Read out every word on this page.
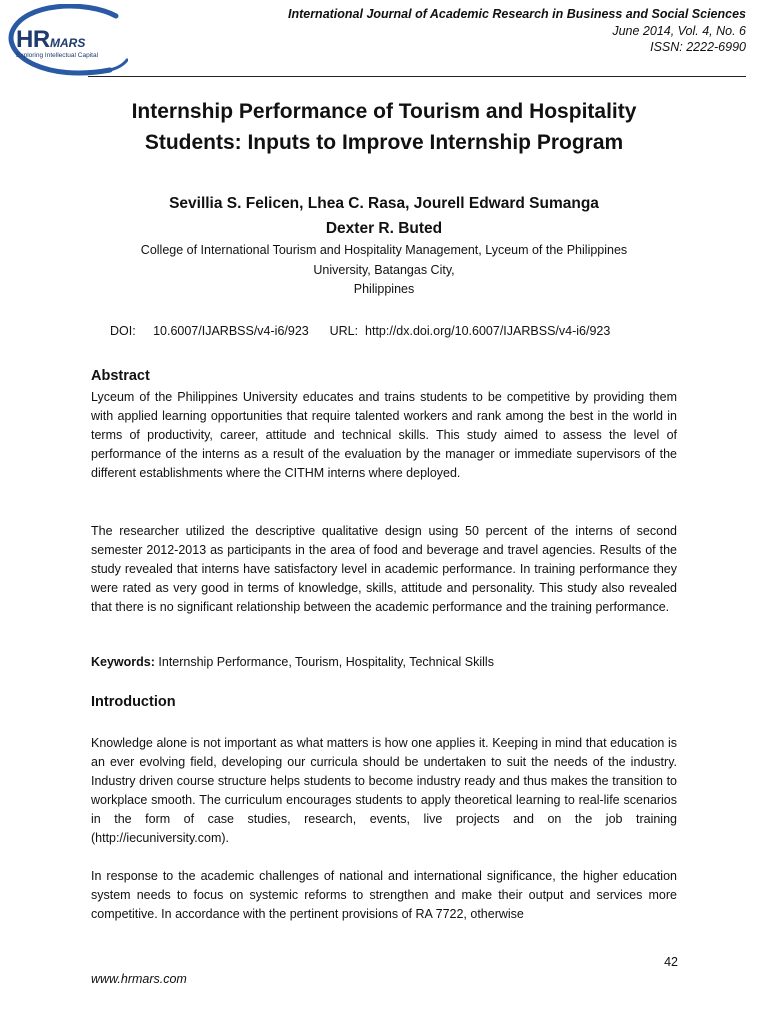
HR MARS
Exploring Intellectual Capital
International Journal of Academic Research in Business and Social Sciences
June 2014, Vol. 4, No. 6
ISSN: 2222-6990
Internship Performance of Tourism and Hospitality
Students: Inputs to Improve Internship Program
Sevillia S. Felicen, Lhea C. Rasa, Jourell Edward Sumanga
Dexter R. Buted
College of International Tourism and Hospitality Management, Lyceum of the Philippines
University, Batangas City,
Philippines
DOI: 10.6007/IJARBSS/v4-i6/923 URL: http://dx.doi.org/10.6007/IJARBSS/v4-i6/923
Abstract

Lyceum of the Philippines University educates and trains students to be competitive by providing them with applied learning opportunities that require talented workers and rank among the best in the world in terms of productivity, career, attitude and technical skills. This study aimed to assess the level of performance of the interns as a result of the evaluation by the manager or immediate supervisors of the different establishments where the CITHM interns where deployed.

The researcher utilized the descriptive qualitative design using 50 percent of the interns of second semester 2012-2013 as participants in the area of food and beverage and travel agencies. Results of the study revealed that interns have satisfactory level in academic performance. In training performance they were rated as very good in terms of knowledge, skills, attitude and personality. This study also revealed that there is no significant relationship between the academic performance and the training performance.

Keywords: Internship Performance, Tourism, Hospitality, Technical Skills
Introduction

Knowledge alone is not important as what matters is how one applies it. Keeping in mind that education is an ever evolving field, developing our curricula should be undertaken to suit the needs of the industry. Industry driven course structure helps students to become industry ready and thus makes the transition to workplace smooth. The curriculum encourages students to apply theoretical learning to real-life scenarios in the form of case studies, research, events, live projects and on the job training (http://iecuniversity.com).

In response to the academic challenges of national and international significance, the higher education system needs to focus on systemic reforms to strengthen and make their output and services more competitive. In accordance with the pertinent provisions of RA 7722, otherwise

42
www.hrmars.com
